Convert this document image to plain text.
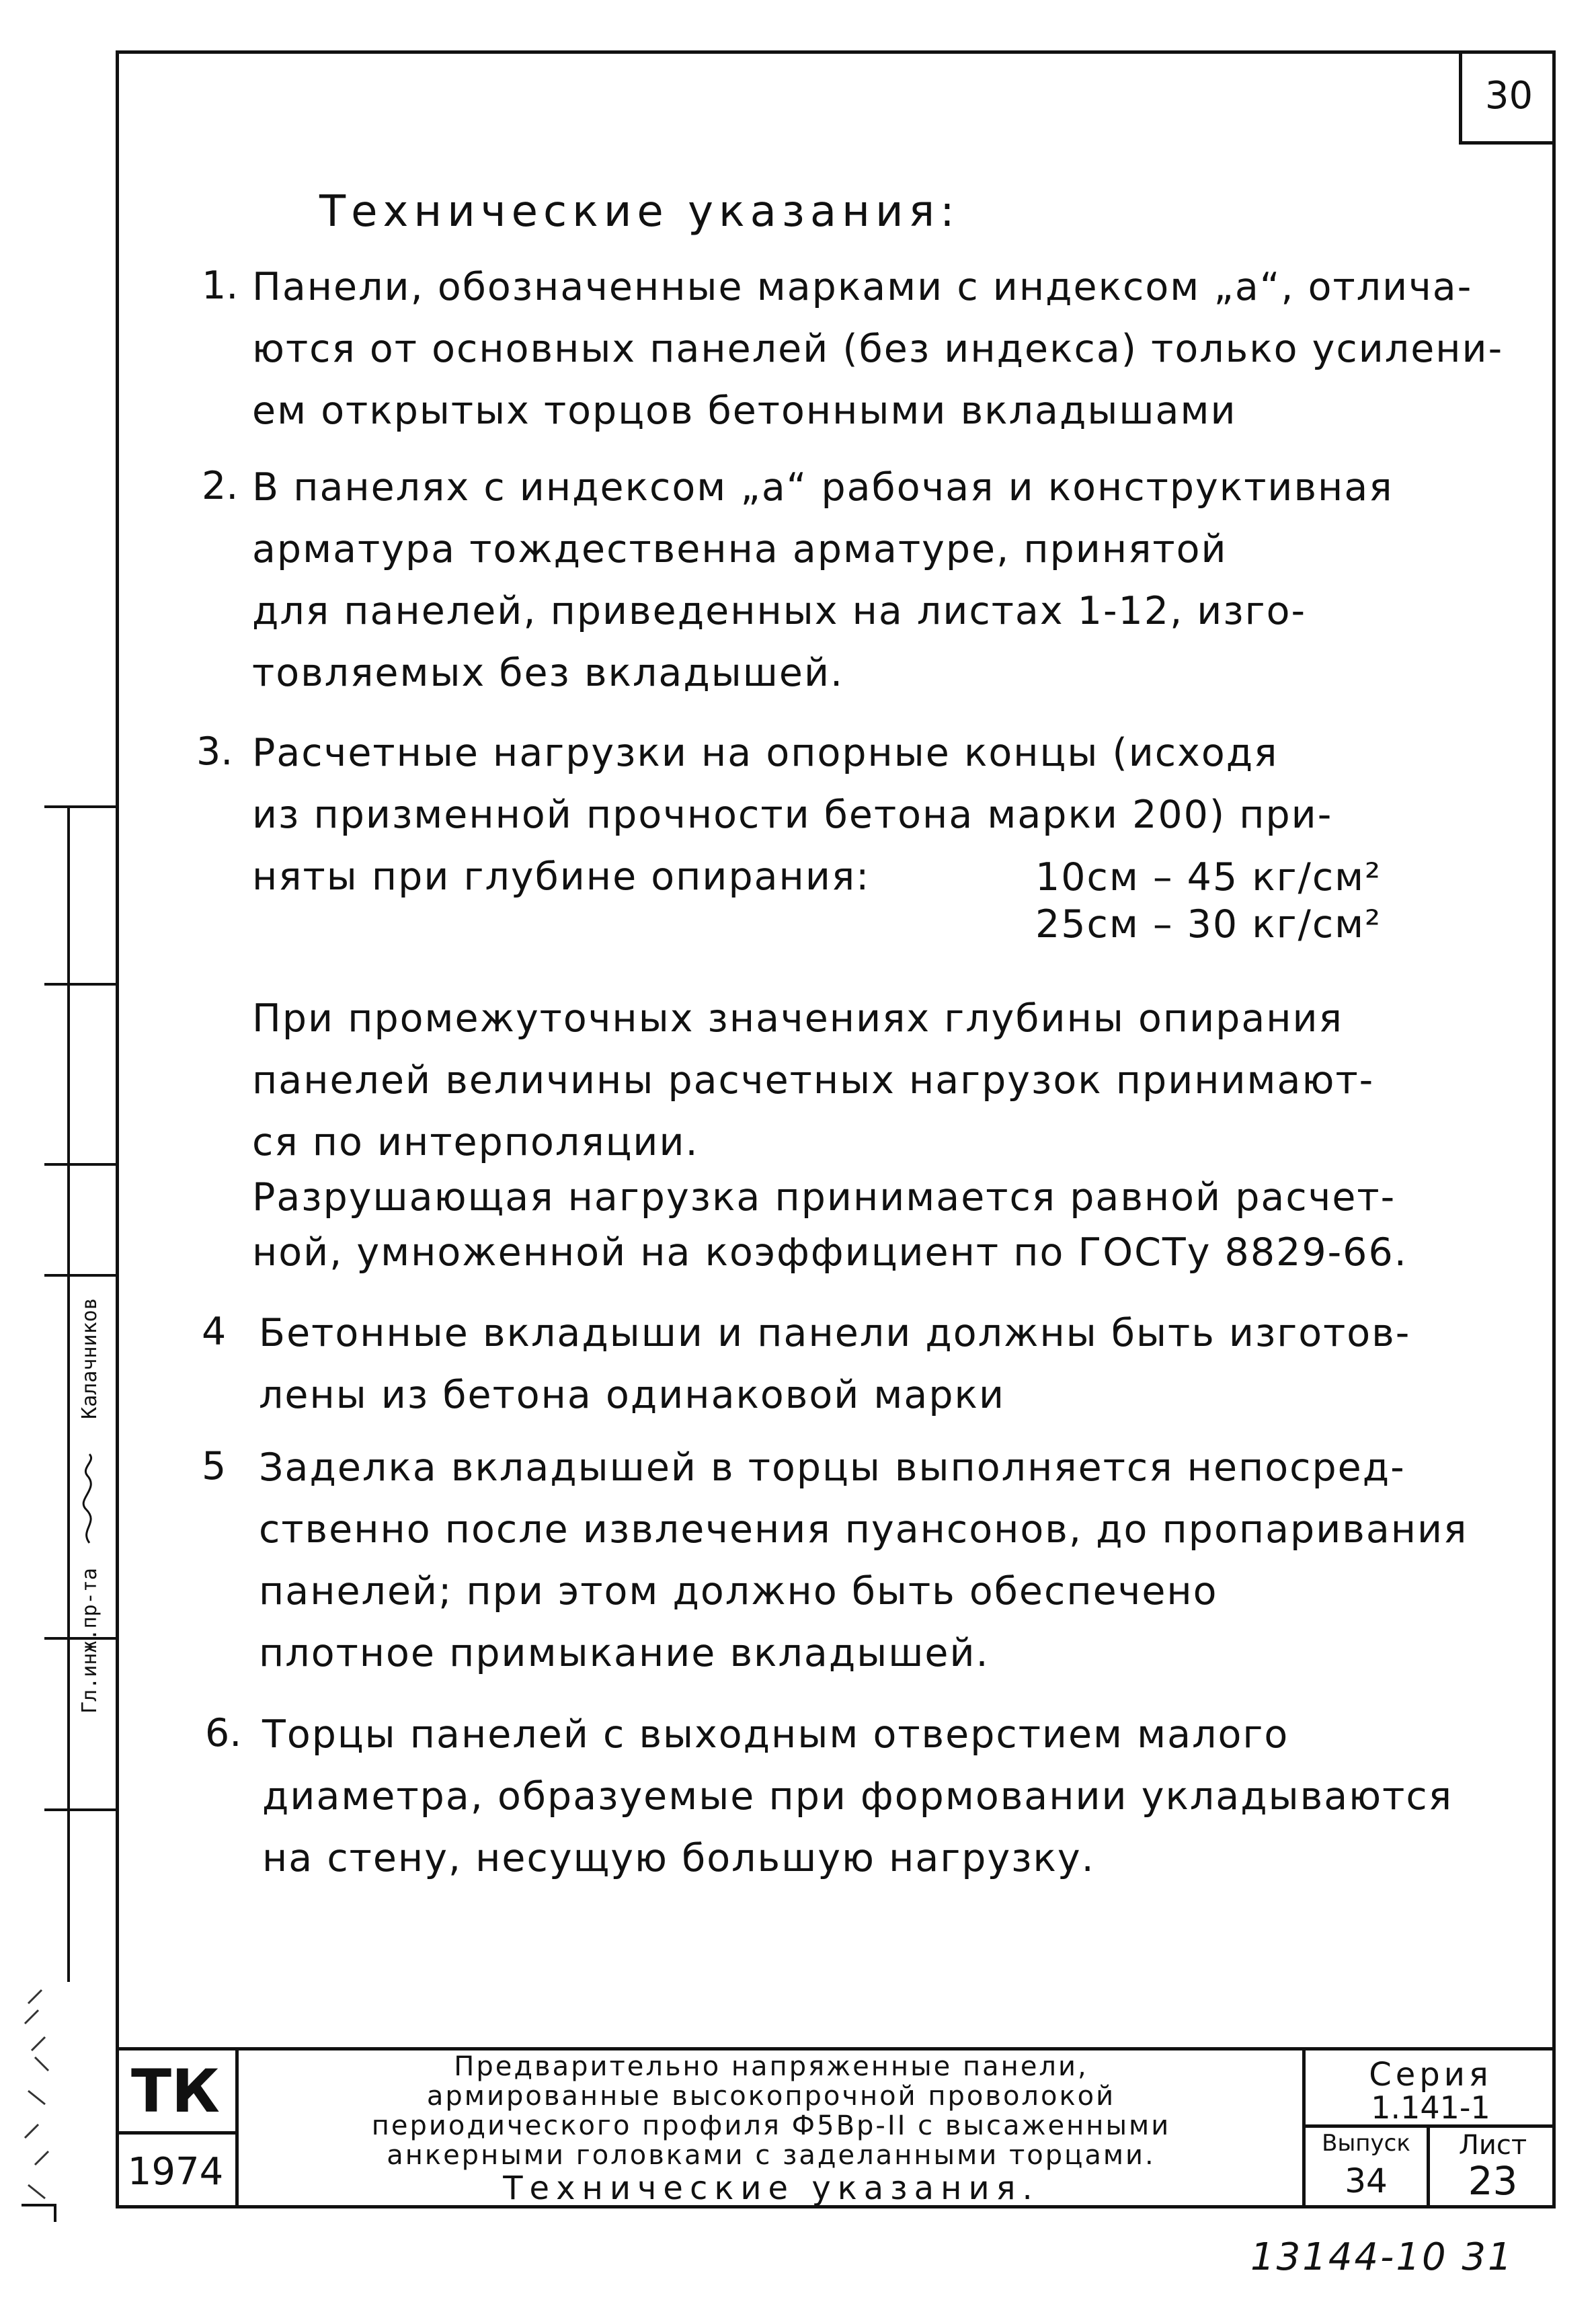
30
Технические указания:
1. Панели, обозначенные марками с индексом „а“, отлича-
ются от основных панелей (без индекса) только усилени-
ем открытых торцов бетонными вкладышами
2. В панелях с индексом „а“ рабочая и конструктивная
арматура тождественна арматуре, принятой
для панелей, приведенных на листах 1-12, изго-
товляемых без вкладышей.
3. Расчетные нагрузки на опорные концы (исходя
из призменной прочности бетона марки 200) при-
няты при глубине опирания:	10см – 45 кг/см²
25см – 30 кг/см²
При промежуточных значениях глубины опирания
панелей величины расчетных нагрузок принимают-
ся по интерполяции.
Разрушающая нагрузка принимается равной расчет-
ной, умноженной на коэффициент по ГОСТу 8829-66.
4 Бетонные вкладыши и панели должны быть изготов-
лены из бетона одинаковой марки
5 Заделка вкладышей в торцы выполняется непосред-
ственно после извлечения пуансонов, до пропаривания
панелей; при этом должно быть обеспечено
плотное примыкание вкладышей.
6. Торцы панелей с выходным отверстием малого
диаметра, образуемые при формовании укладываются
на стену, несущую большую нагрузку.
Калачников
Гл.инж.пр-та
ТК
1974
Предварительно напряженные панели,
армированные высокопрочной проволокой
периодического профиля Ф5Вр-II с высаженными
анкерными головками с заделанными торцами.
Технические указания.
Серия
1.141-1
Выпуск
34
Лист
23
13144-10 31
